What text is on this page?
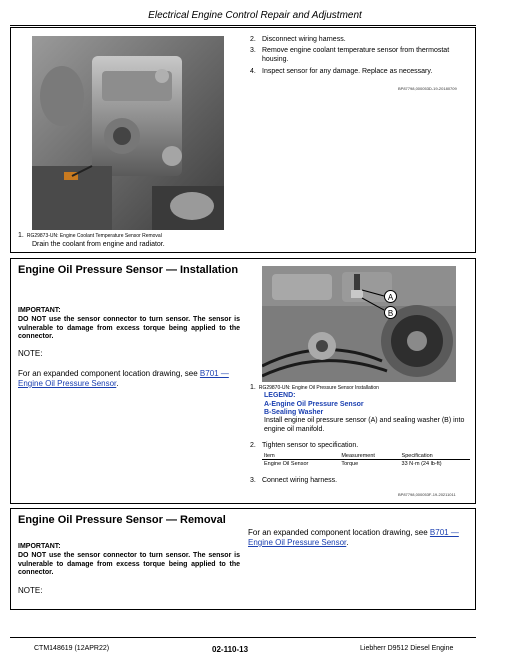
Electrical Engine Control Repair and Adjustment
1. RG29873-UN: Engine Coolant Temperature Sensor Removal
Drain the coolant from engine and radiator.
2. Disconnect wiring harness.
3. Remove engine coolant temperature sensor from thermostat housing.
4. Inspect sensor for any damage. Replace as necessary.
BP87798,000053D-19-20180709
Engine Oil Pressure Sensor — Installation
IMPORTANT:
DO NOT use the sensor connector to turn sensor. The sensor is vulnerable to damage from excess torque being applied to the connector.
NOTE:
For an expanded component location drawing, see B701 — Engine Oil Pressure Sensor.
A
B
1. RG29870-UN: Engine Oil Pressure Sensor Installation
LEGEND:
A-Engine Oil Pressure Sensor
B-Sealing Washer
Install engine oil pressure sensor (A) and sealing washer (B) into engine oil manifold.
2. Tighten sensor to specification.
Item	Measurement	Specification
Engine Oil Sensor	Torque	33 N·m (24 lb-ft)
3. Connect wiring harness.
BP87798,000053F-19-20211011
Engine Oil Pressure Sensor — Removal
IMPORTANT:
DO NOT use the sensor connector to turn sensor. The sensor is vulnerable to damage from excess torque being applied to the connector.
NOTE:
For an expanded component location drawing, see B701 — Engine Oil Pressure Sensor.
CTM148619 (12APR22)	02-110-13	Liebherr D9512 Diesel Engine
